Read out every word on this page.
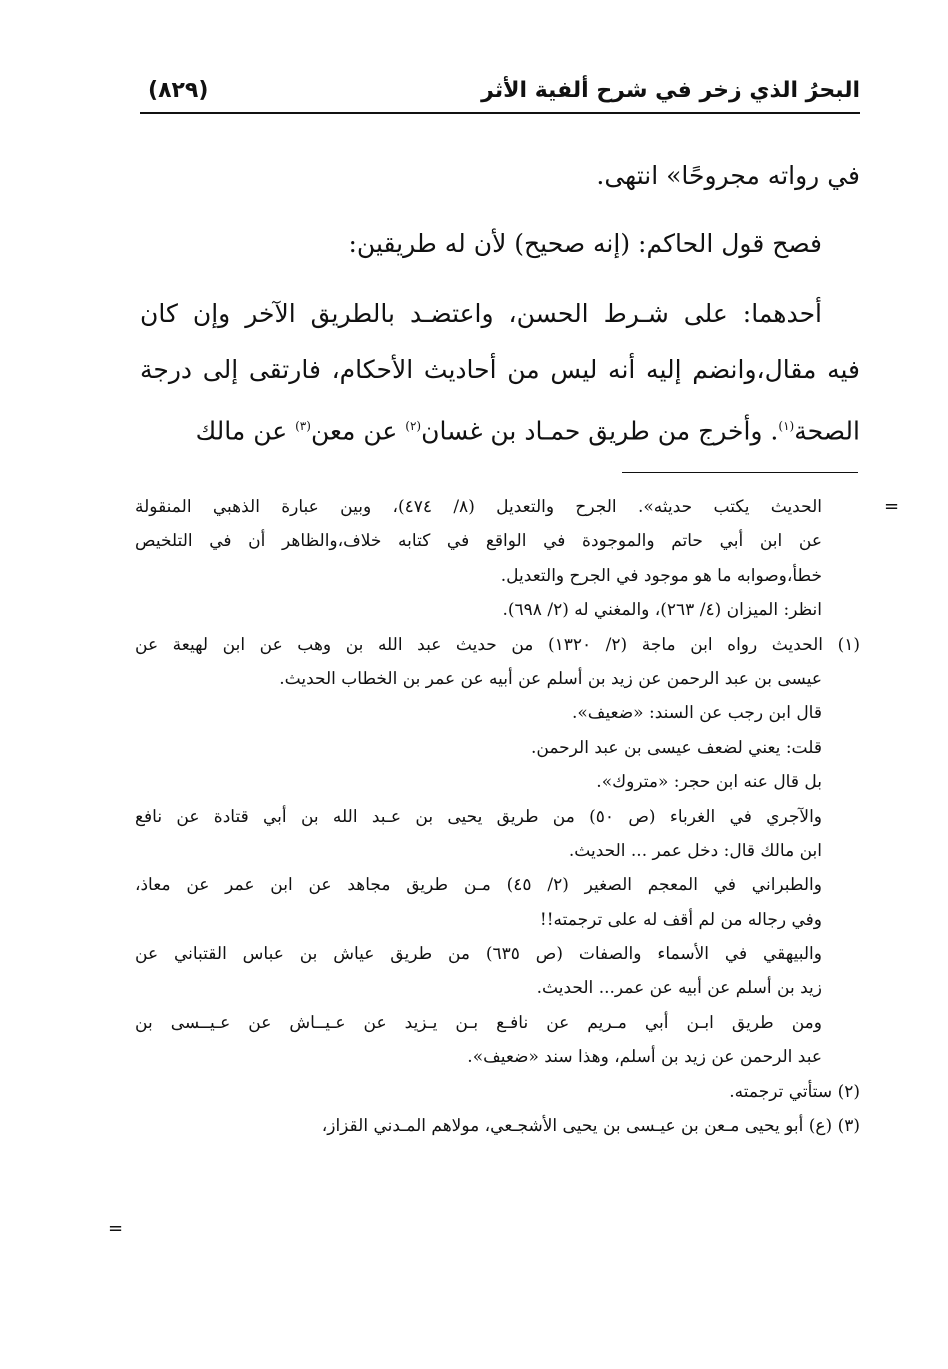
البحرُ الذي زخر في شرح ألفية الأثر
(٨٢٩)
في رواته مجروحًا» انتهى.
فصح قول الحاكم: (إنه صحيح) لأن له طريقين:
أحدهما: على شـرط الحسن، واعتضـد بالطريق الآخر وإن كان
فيه مقال،وانضم إليه أنه ليس من أحاديث الأحكام، فارتقى إلى درجة
الصحة$^{(١)}$. وأخرج من طريق حمـاد بن غسان$^{(٢)}$ عن معن$^{(٣)}$ عن مالك
=
=
الحديث يكتب حديثه». الجرح والتعديل (٨/ ٤٧٤)، وبين عبارة الذهبي المنقولة
عن ابن أبي حاتم والموجودة في الواقع في كتابه خلاف،والظاهر أن في التلخيص
خطأ،وصوابه ما هو موجود في الجرح والتعديل.
انظر: الميزان (٤/ ٢٦٣)، والمغني له (٢/ ٦٩٨).
(١) الحديث رواه ابن ماجة (٢/ ١٣٢٠) من حديث عبد الله بن وهب عن ابن لهيعة عن
عيسى بن عبد الرحمن عن زيد بن أسلم عن أبيه عن عمر بن الخطاب الحديث.
قال ابن رجب عن السند: «ضعيف».
قلت: يعني لضعف عيسى بن عبد الرحمن.
بل قال عنه ابن حجر: «متروك».
والآجري في الغرباء (ص ٥٠) من طريق يحيى بن عـبد الله بن أبي قتادة عن نافع
ابن مالك قال: دخل عمر ... الحديث.
والطبراني في المعجم الصغير (٢/ ٤٥) مـن طريق مجاهد عن ابن عمر عن معاذ،
وفي رجاله من لم أقف له على ترجمته!!
والبيهقي في الأسماء والصفات (ص ٦٣٥) من طريق عياش بن عباس القتباني عن
زيد بن أسلم عن أبيه عن عمر... الحديث.
ومن طريق ابـن أبي مـريم عن نافـع بـن يـزيد عن عـيــاش عن عـيــسى بن
عبد الرحمن عن زيد بن أسلم، وهذا سند «ضعيف».
(٢) ستأتي ترجمته.
(٣) (ع) أبو يحيى مـعن بن عيـسى بن يحيى الأشجـعي، مولاهم المـدني القزاز،
